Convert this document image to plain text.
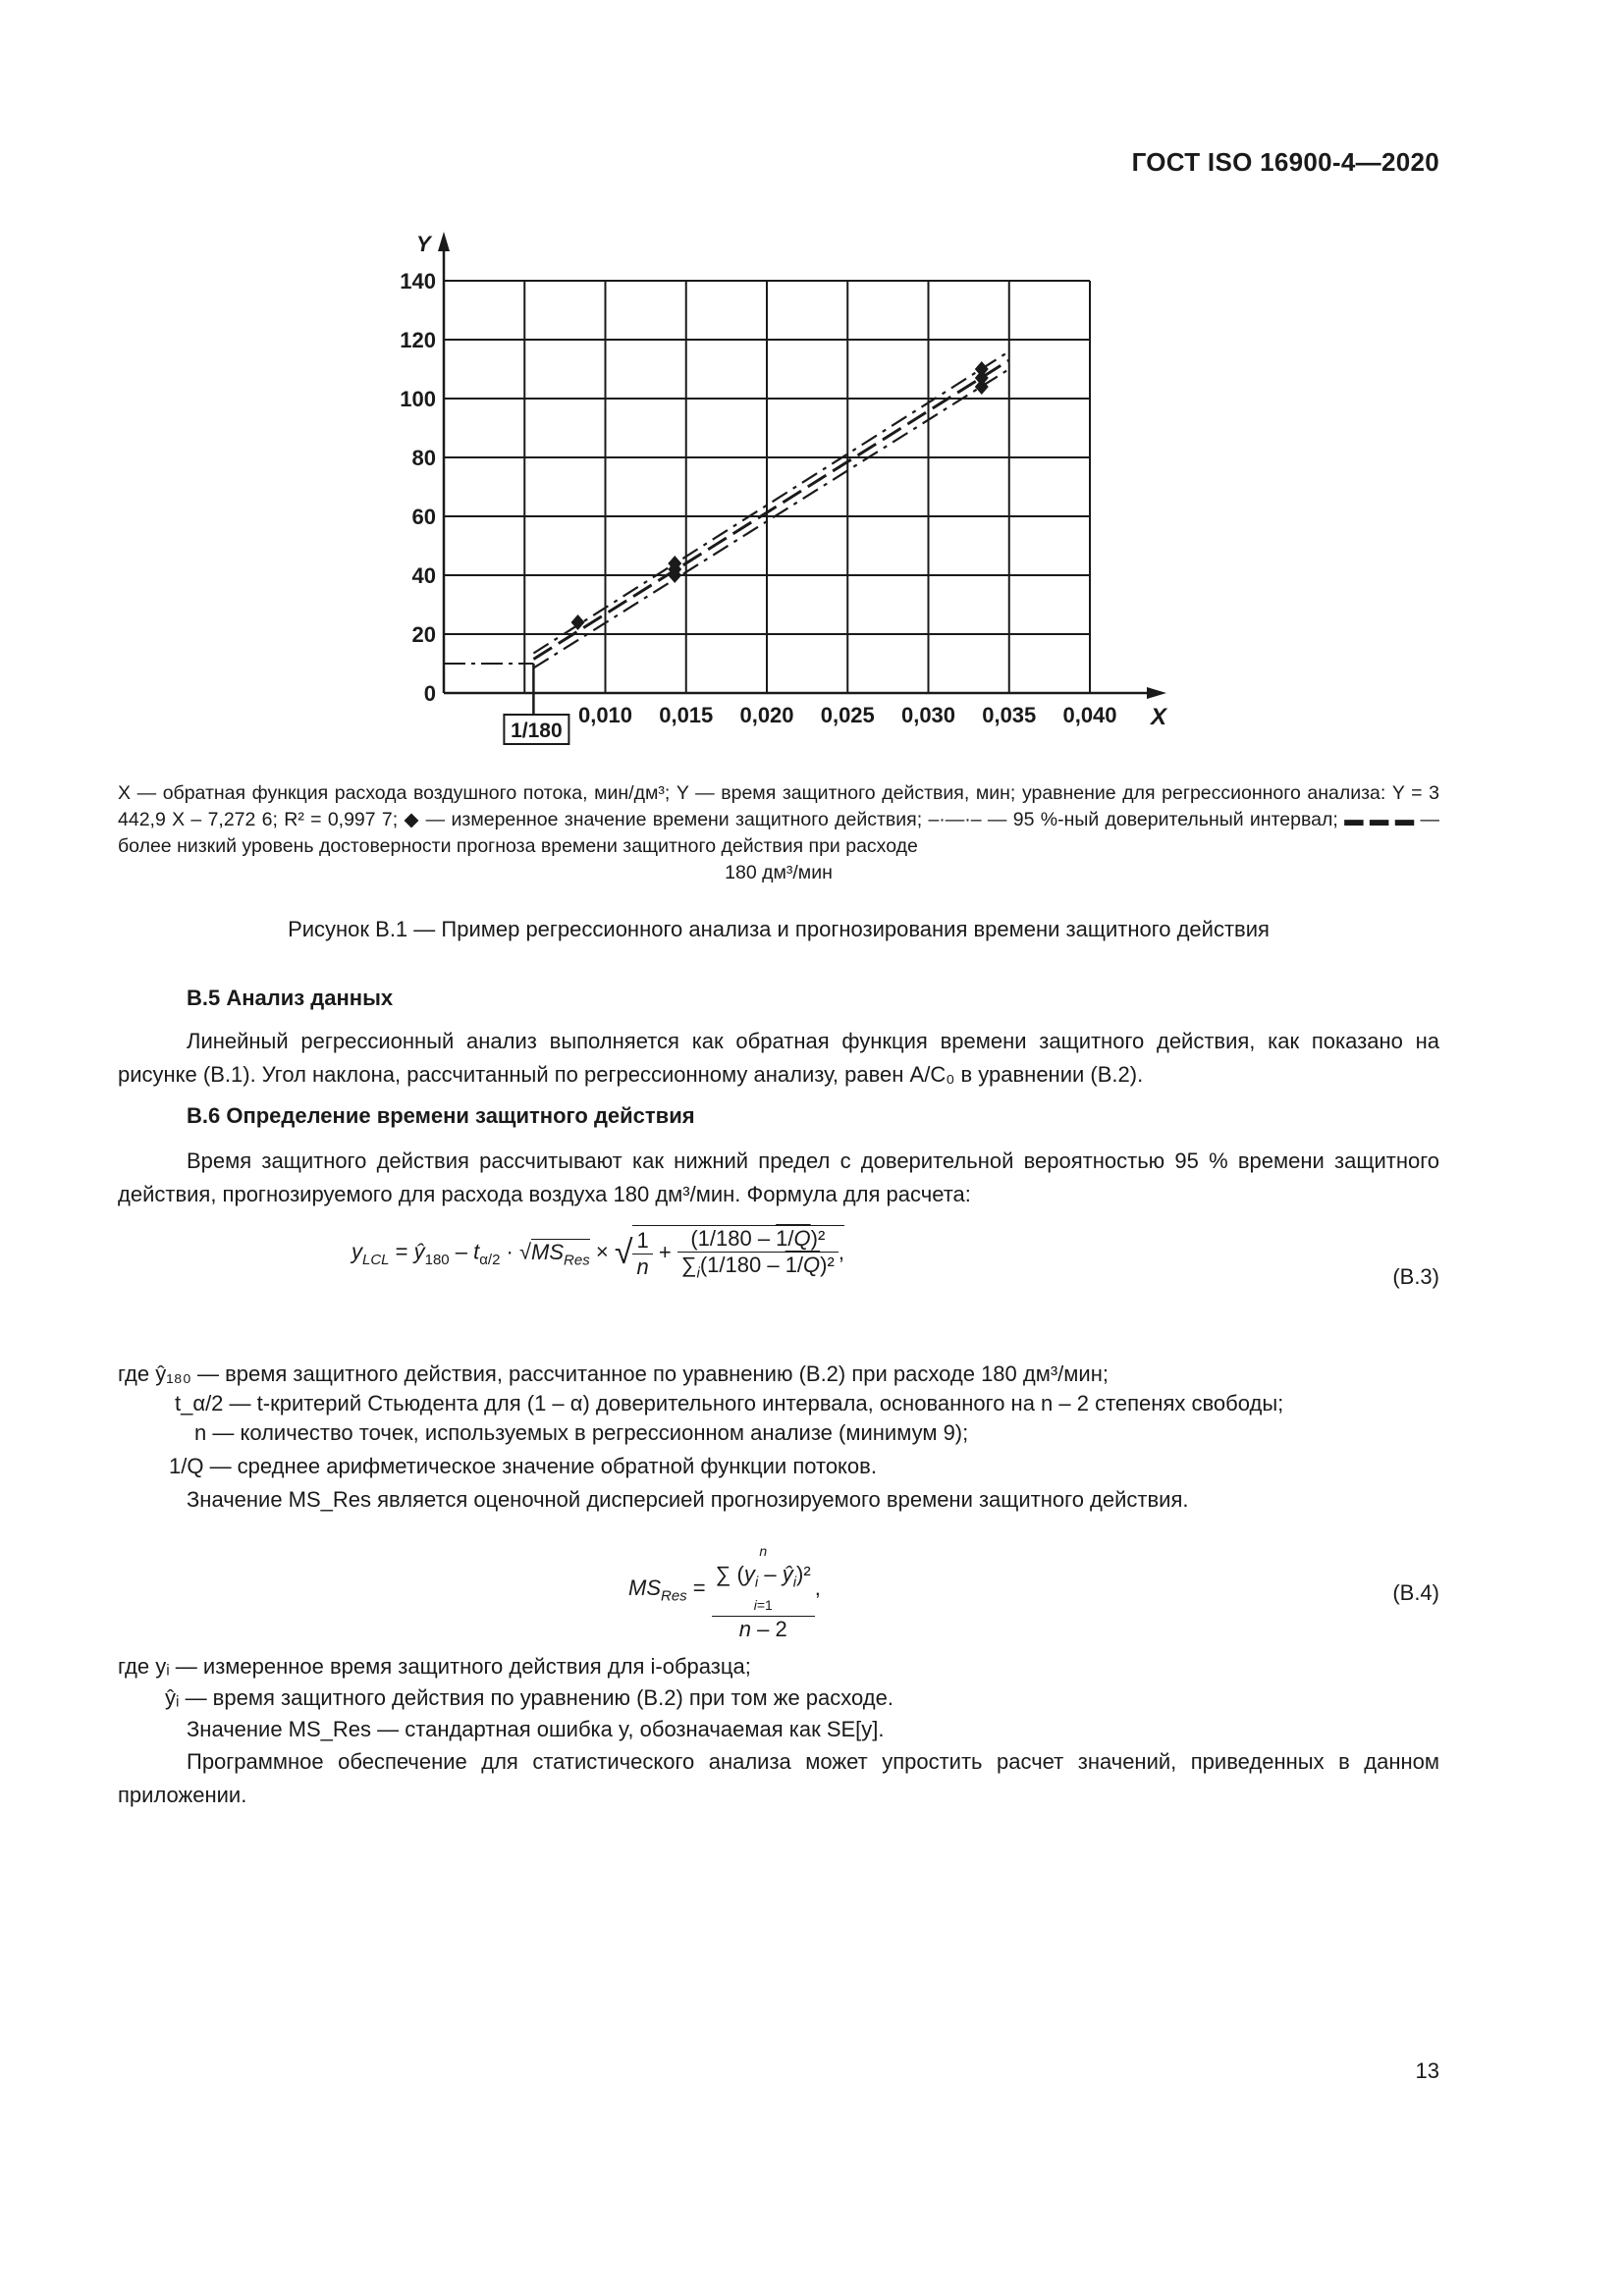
ГОСТ ISO 16900-4—2020
0
20
40
60
80
100
120
140
0,010 0,015 0,020 0,025 0,030 0,035 0,040
Y
X
1/180
X — обратная функция расхода воздушного потока, мин/дм³; Y — время защитного действия, мин; уравнение для регрессионного анализа: Y = 3 442,9 X – 7,272 6; R² = 0,997 7; ◆ — измеренное значение времени защитного действия; –·—·– — 95 %-ный доверительный интервал; ▬ ▬ ▬ — более низкий уровень достоверности прогноза времени защитного действия при расходе
180 дм³/мин
Рисунок В.1 — Пример регрессионного анализа и прогнозирования времени защитного действия
В.5 Анализ данных
Линейный регрессионный анализ выполняется как обратная функция времени защитного действия, как показано на рисунке (В.1). Угол наклона, рассчитанный по регрессионному анализу, равен A/C₀ в уравнении (В.2).
В.6 Определение времени защитного действия
Время защитного действия рассчитывают как нижний предел с доверительной вероятностью 95 % времени защитного действия, прогнозируемого для расхода воздуха 180 дм³/мин. Формула для расчета:
$y_{LCL}$ = $ŷ_{180} - t_{\alpha/2} \cdot √MS_{Res}$ × √ $\frac{1}{n} + \frac{\text{(1/180 – 1/Q)²}}{\sum_i(1/180 - 1/Q)^2}$ ,
(В.3)
где ŷ₁₈₀ — время защитного действия, рассчитанное по уравнению (В.2) при расходе 180 дм³/мин;
t_α/2 — t-критерий Стьюдента для (1 – α) доверительного интервала, основанного на n – 2 степенях свободы;
n — количество точек, используемых в регрессионном анализе (минимум 9);
1/Q — среднее арифметическое значение обратной функции потоков.
Значение MS_Res является оценочной дисперсией прогнозируемого времени защитного действия.
$MS_{Res}$ =
n
∑ ($y_i$ – $ŷ_i)^2$
i=1
n – 2
,	(В.4)
где yᵢ — измеренное время защитного действия для i-образца;
ŷᵢ — время защитного действия по уравнению (В.2) при том же расходе.
Значение MS_Res — стандартная ошибка y, обозначаемая как SE[y].
Программное обеспечение для статистического анализа может упростить расчет значений, приведенных в данном приложении.
13
